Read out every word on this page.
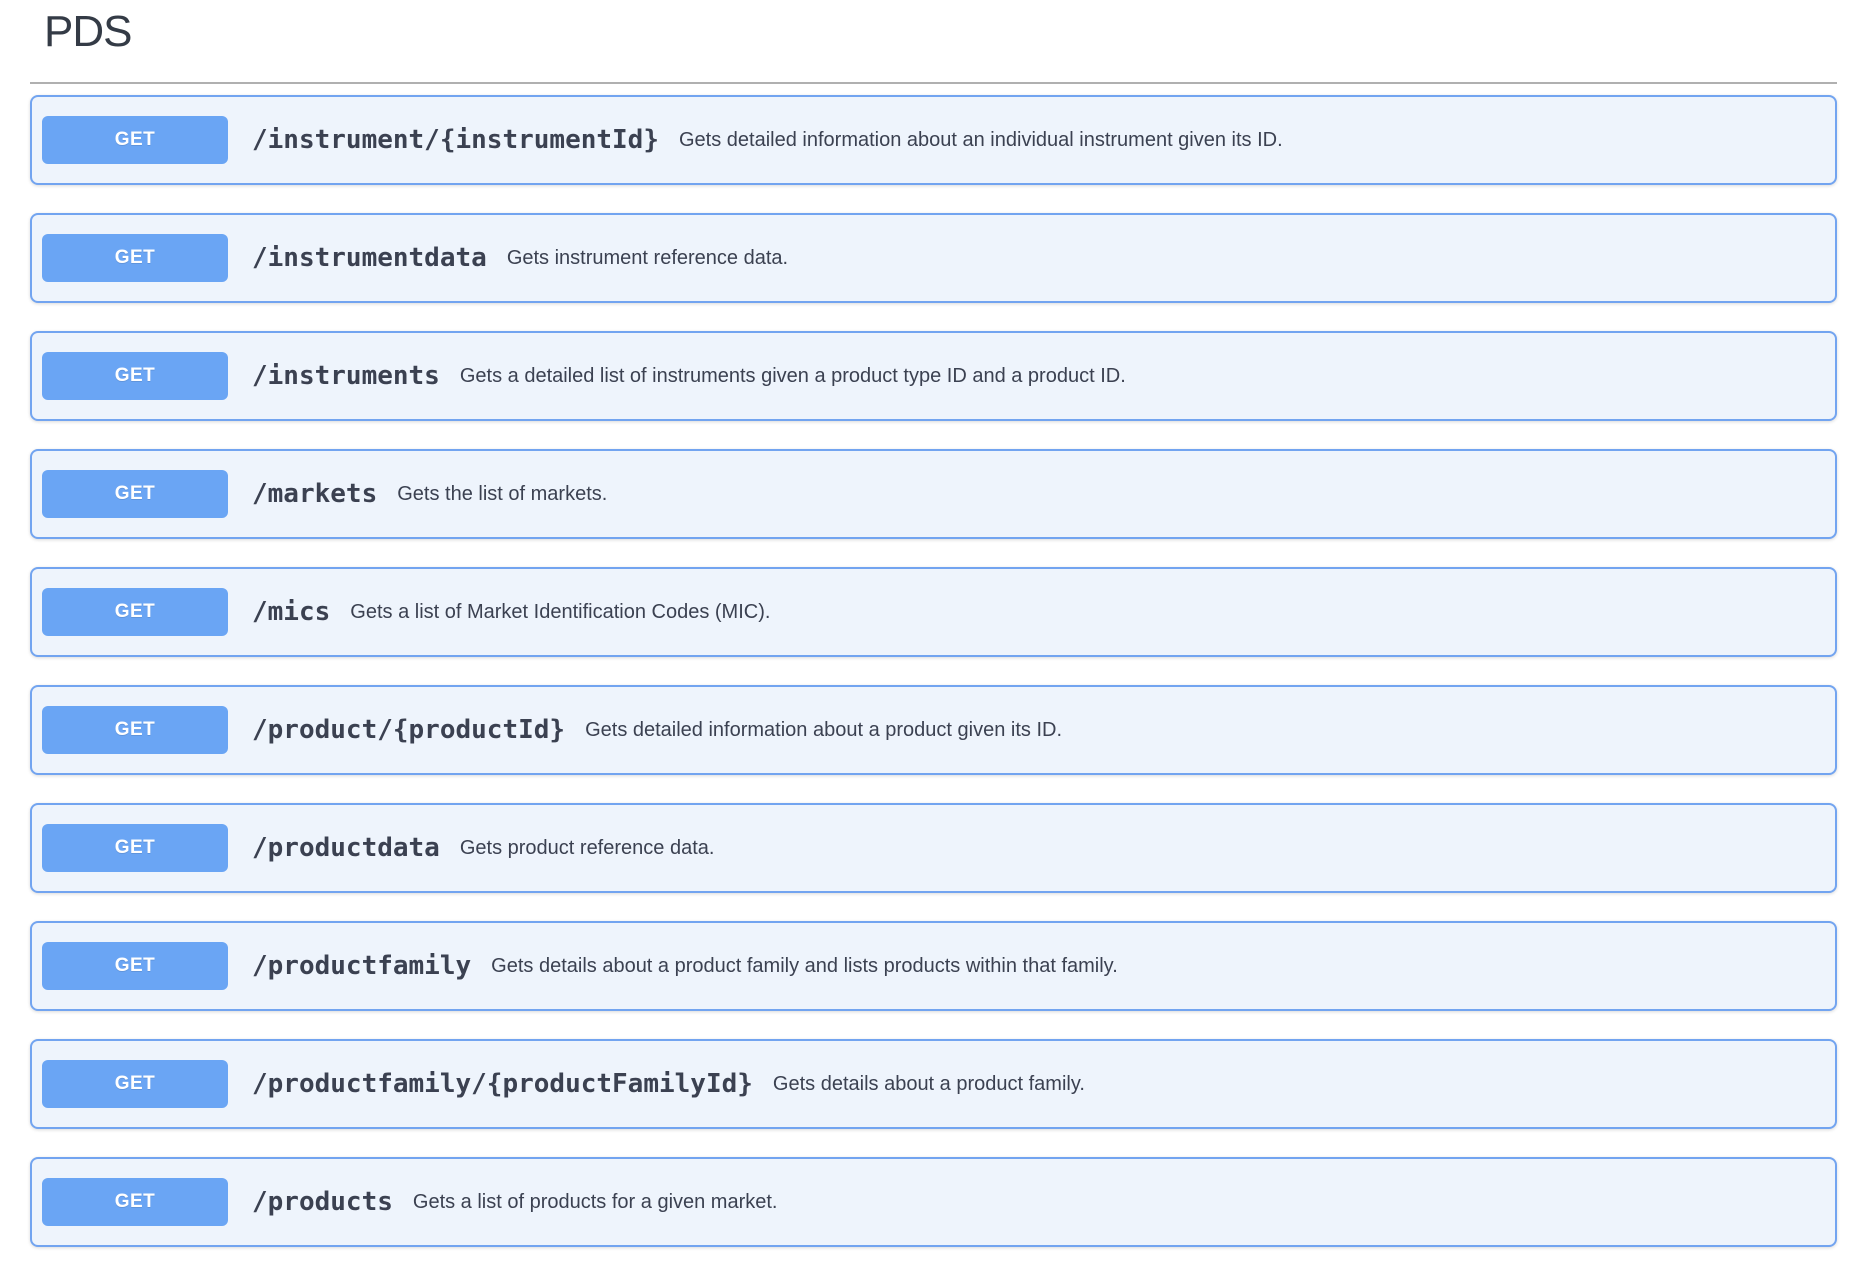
PDS
GET	/instrument/{instrumentId} Gets detailed information about an individual instrument given its ID.
GET	/instrumentdata Gets instrument reference data.
GET	/instruments Gets a detailed list of instruments given a product type ID and a product ID.
GET	/markets Gets the list of markets.
GET	/mics Gets a list of Market Identification Codes (MIC).
GET	/product/{productId} Gets detailed information about a product given its ID.
GET	/productdata Gets product reference data.
GET	/productfamily Gets details about a product family and lists products within that family.
GET	/productfamily/{productFamilyId} Gets details about a product family.
GET	/products Gets a list of products for a given market.
